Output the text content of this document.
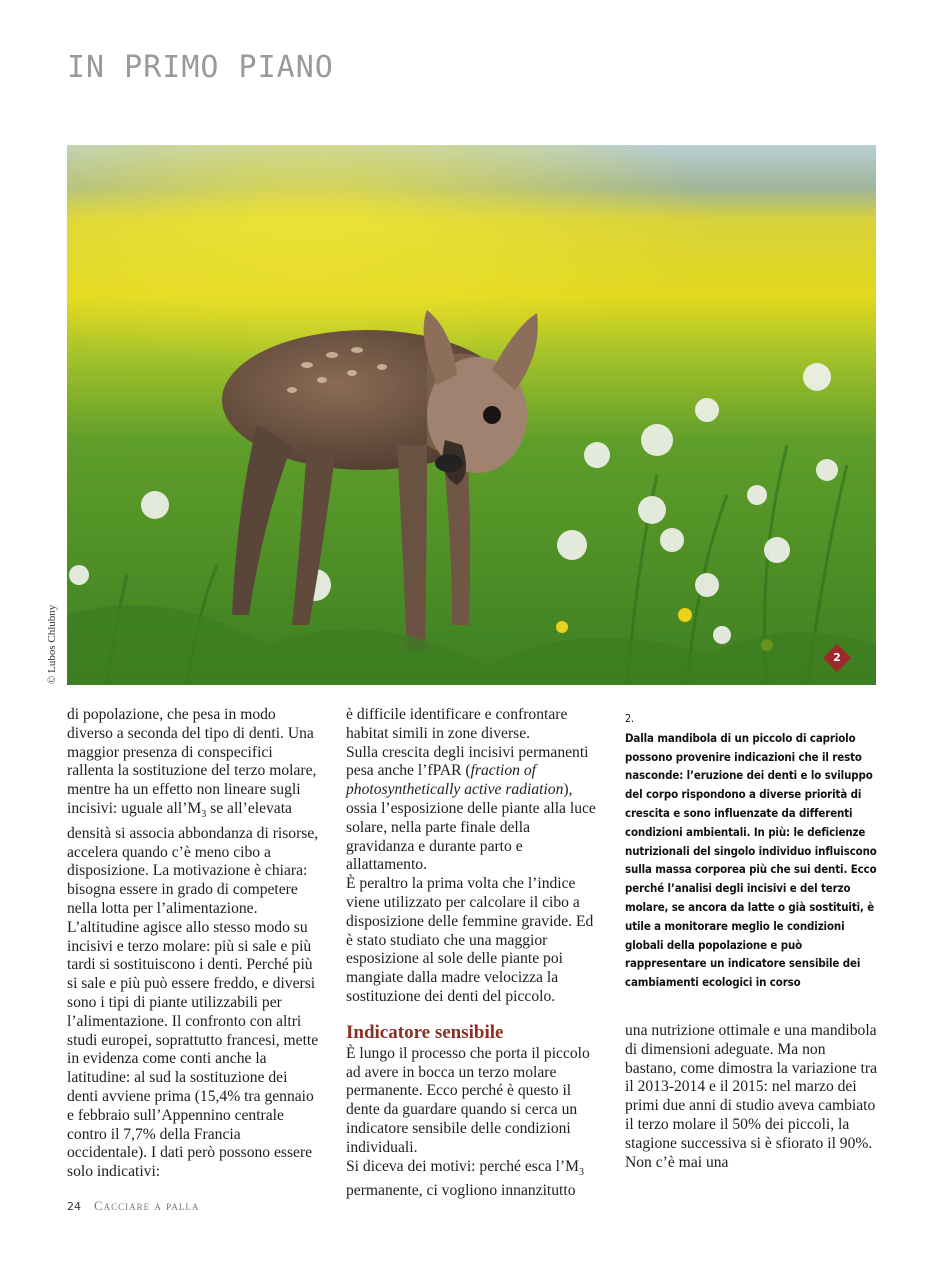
IN PRIMO PIANO
© Lubos Chlubny	2

di popolazione, che pesa in modo diverso a seconda del tipo di denti. Una maggior presenza di conspecifici rallenta la sostituzione del terzo molare, mentre ha un effetto non lineare sugli incisivi: uguale $all’M_3$ se all’elevata densità si associa abbondanza di risorse, accelera quando c’è meno cibo a disposizione. La motivazione è chiara: bisogna essere in grado di competere nella lotta per l’alimentazione.

L’altitudine agisce allo stesso modo su incisivi e terzo molare: più si sale e più tardi si sostituiscono i denti. Perché più si sale e più può essere freddo, e diversi sono i tipi di piante utilizzabili per l’alimentazione. Il confronto con altri studi europei, soprattutto francesi, mette in evidenza come conti anche la latitudine: al sud la sostituzione dei denti avviene prima (15,4% tra gennaio e febbraio sull’Appennino centrale contro il 7,7% della Francia occidentale). I dati però possono essere solo indicativi:

è difficile identificare e confrontare habitat simili in zone diverse.

Sulla crescita degli incisivi permanenti pesa anche l’fPAR (fraction of photosynthetically active radiation), ossia l’esposizione delle piante alla luce solare, nella parte finale della gravidanza e durante parto e allattamento.

È peraltro la prima volta che l’indice viene utilizzato per calcolare il cibo a disposizione delle femmine gravide. Ed è stato studiato che una maggior esposizione al sole delle piante poi mangiate dalla madre velocizza la sostituzione dei denti del piccolo.

Indicatore sensibile

È lungo il processo che porta il piccolo ad avere in bocca un terzo molare permanente. Ecco perché è questo il dente da guardare quando si cerca un indicatore sensibile delle condizioni individuali.

Si diceva dei motivi: perché esca $l’M_3$ permanente, ci vogliono innanzitutto

2.
Dalla mandibola di un piccolo di capriolo possono provenire indicazioni che il resto nasconde: l’eruzione dei denti e lo sviluppo del corpo rispondono a diverse priorità di crescita e sono influenzate da differenti condizioni ambientali. In più: le deficienze nutrizionali del singolo individuo influiscono sulla massa corporea più che sui denti. Ecco perché l’analisi degli incisivi e del terzo molare, se ancora da latte o già sostituiti, è utile a monitorare meglio le condizioni globali della popolazione e può rappresentare un indicatore sensibile dei cambiamenti ecologici in corso

una nutrizione ottimale e una mandibola di dimensioni adeguate. Ma non bastano, come dimostra la variazione tra il 2013-2014 e il 2015: nel marzo dei primi due anni di studio aveva cambiato il terzo molare il 50% dei piccoli, la stagione successiva si è sfiorato il 90%. Non c’è mai una

24 Cacciare a palla
